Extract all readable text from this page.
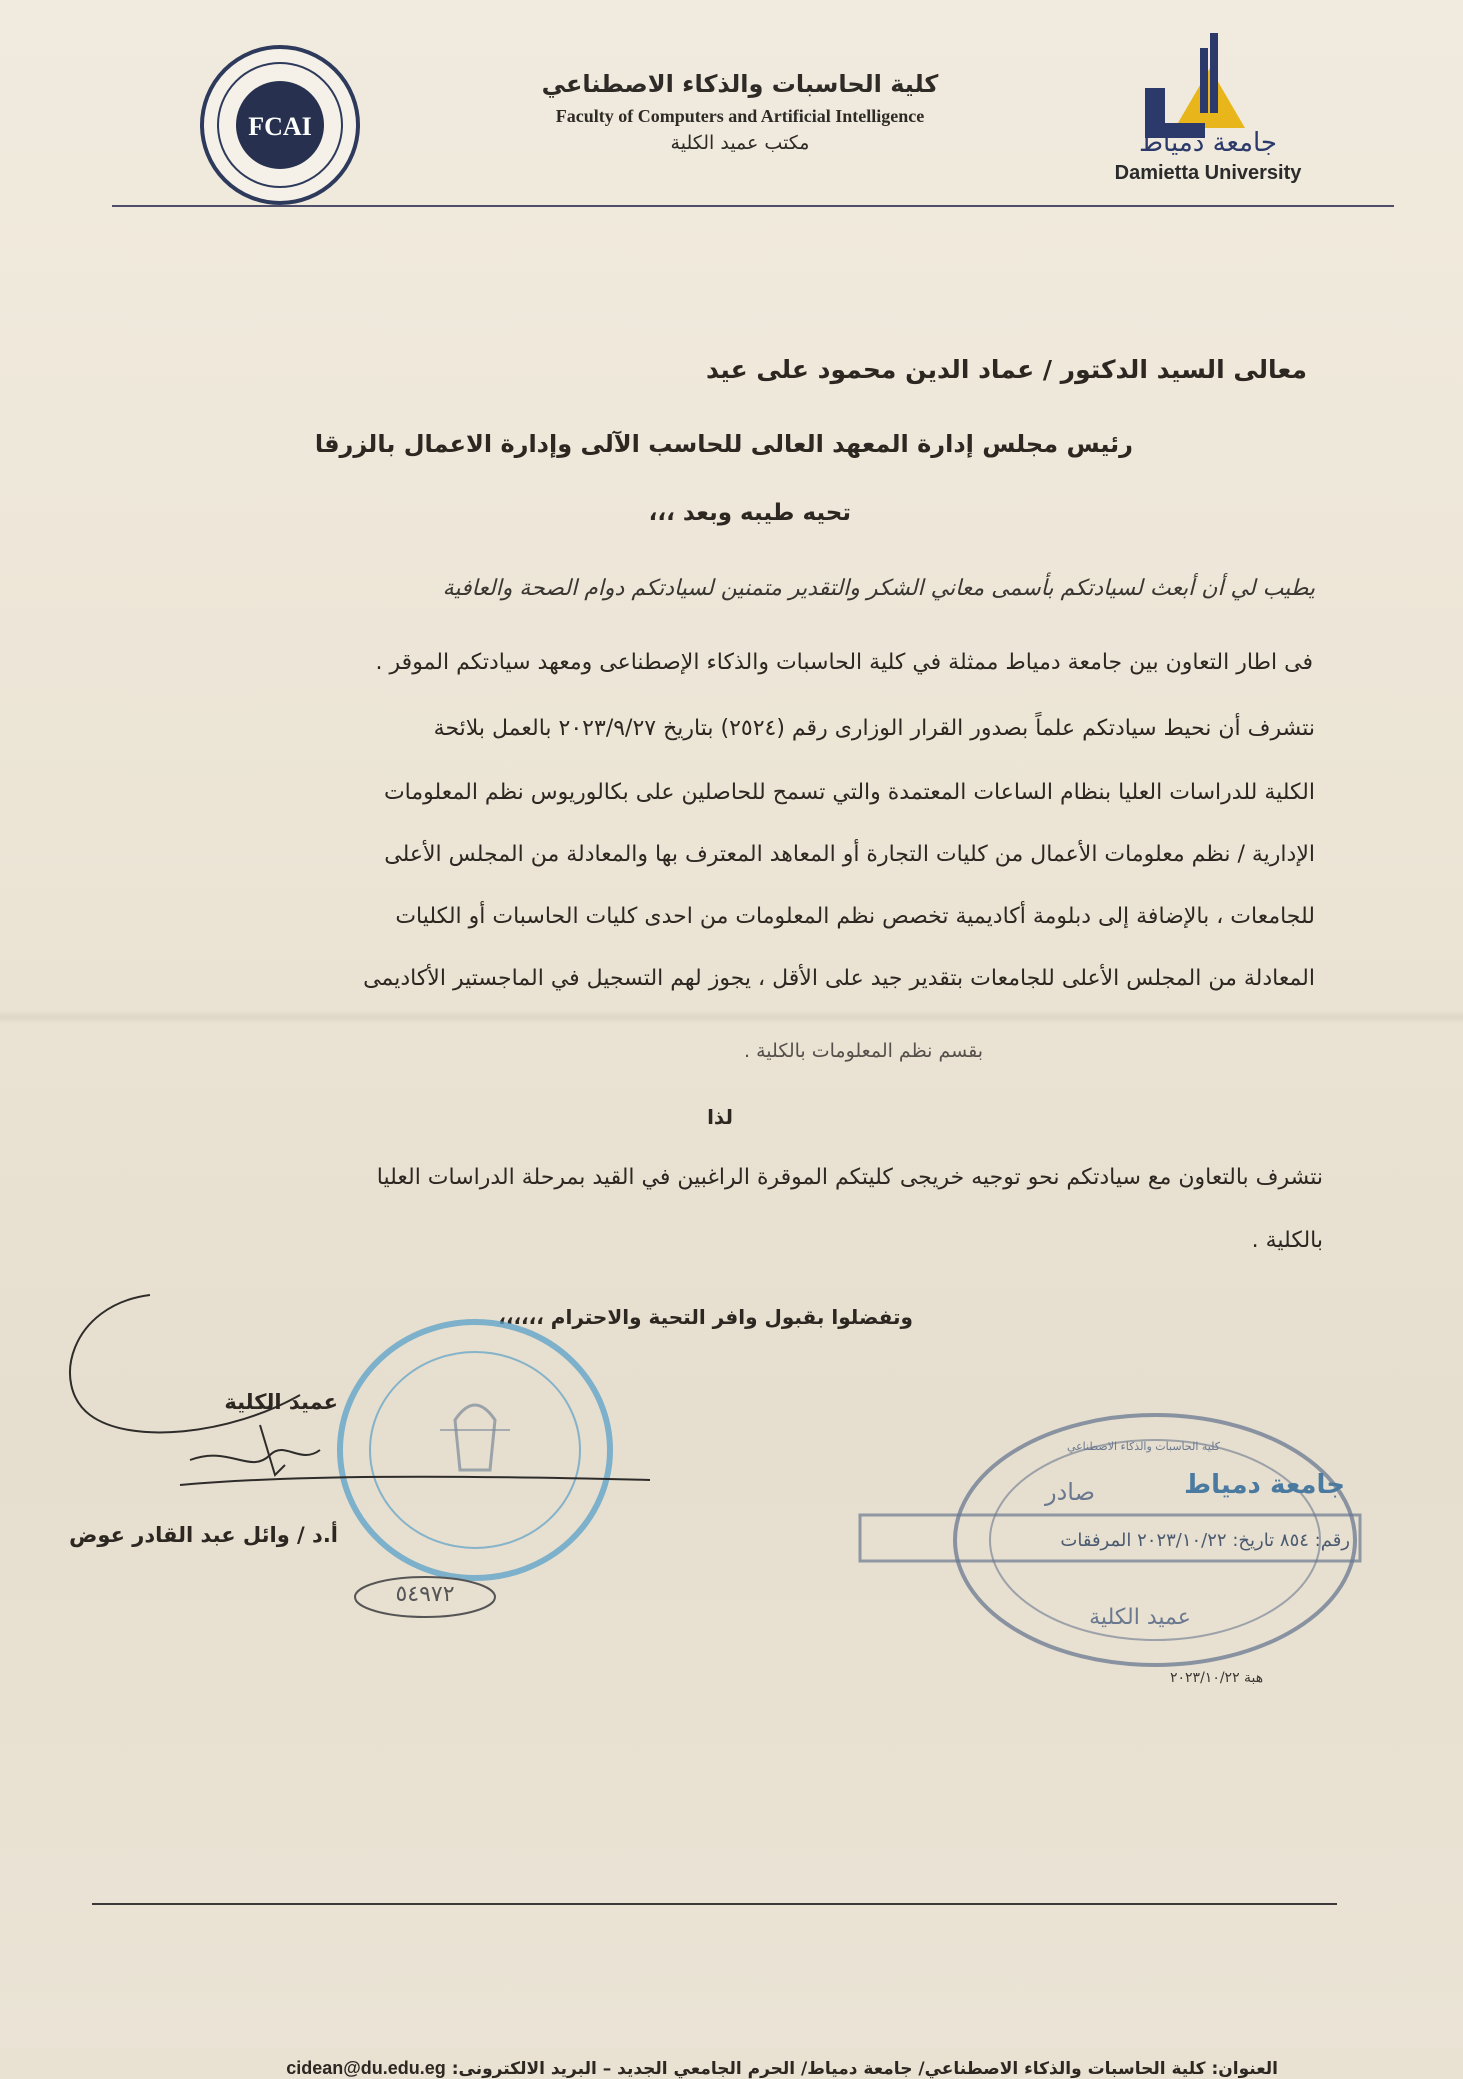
FCAI
جامعة دمياط
Damietta University
كلية الحاسبات والذكاء الاصطناعي
Faculty of Computers and Artificial Intelligence
مكتب عميد الكلية
معالى السيد الدكتور / عماد الدين محمود على عيد
رئيس مجلس إدارة المعهد العالى للحاسب الآلى وإدارة الاعمال بالزرقا
تحيه طيبه وبعد ،،،
يطيب لي أن أبعث لسيادتكم بأسمى معاني الشكر والتقدير متمنين لسيادتكم دوام الصحة والعافية
فى اطار التعاون بين جامعة دمياط ممثلة في كلية الحاسبات والذكاء الإصطناعى ومعهد سيادتكم الموقر .
نتشرف أن نحيط سيادتكم علماً بصدور القرار الوزارى رقم (٢٥٢٤) بتاريخ ٢٠٢٣/٩/٢٧ بالعمل بلائحة
الكلية للدراسات العليا بنظام الساعات المعتمدة والتي تسمح للحاصلين على بكالوريوس نظم المعلومات
الإدارية / نظم معلومات الأعمال من كليات التجارة أو المعاهد المعترف بها والمعادلة من المجلس الأعلى
للجامعات ، بالإضافة إلى دبلومة أكاديمية تخصص نظم المعلومات من احدى كليات الحاسبات أو الكليات
المعادلة من المجلس الأعلى للجامعات بتقدير جيد على الأقل ، يجوز لهم التسجيل في الماجستير الأكاديمى
بقسم نظم المعلومات بالكلية .
لذا
نتشرف بالتعاون مع سيادتكم نحو توجيه خريجى كليتكم الموقرة الراغبين في القيد بمرحلة الدراسات العليا
بالكلية .
وتفضلوا بقبول وافر التحية والاحترام ،،،،،،
عميد الكلية
أ.د / وائل عبد القادر عوض
٥٤٩٧٢
جامعة دمياط
صادر
رقم: ٨٥٤ تاريخ: ٢٠٢٣/١٠/٢٢ المرفقات
عميد الكلية
كلية الحاسبات والذكاء الاصطناعي
هبة ٢٠٢٣/١٠/٢٢
العنوان: كلية الحاسبات والذكاء الاصطناعي/ جامعة دمياط/ الحرم الجامعي الجديد – البريد الالكترونى: cidean@du.edu.eg
